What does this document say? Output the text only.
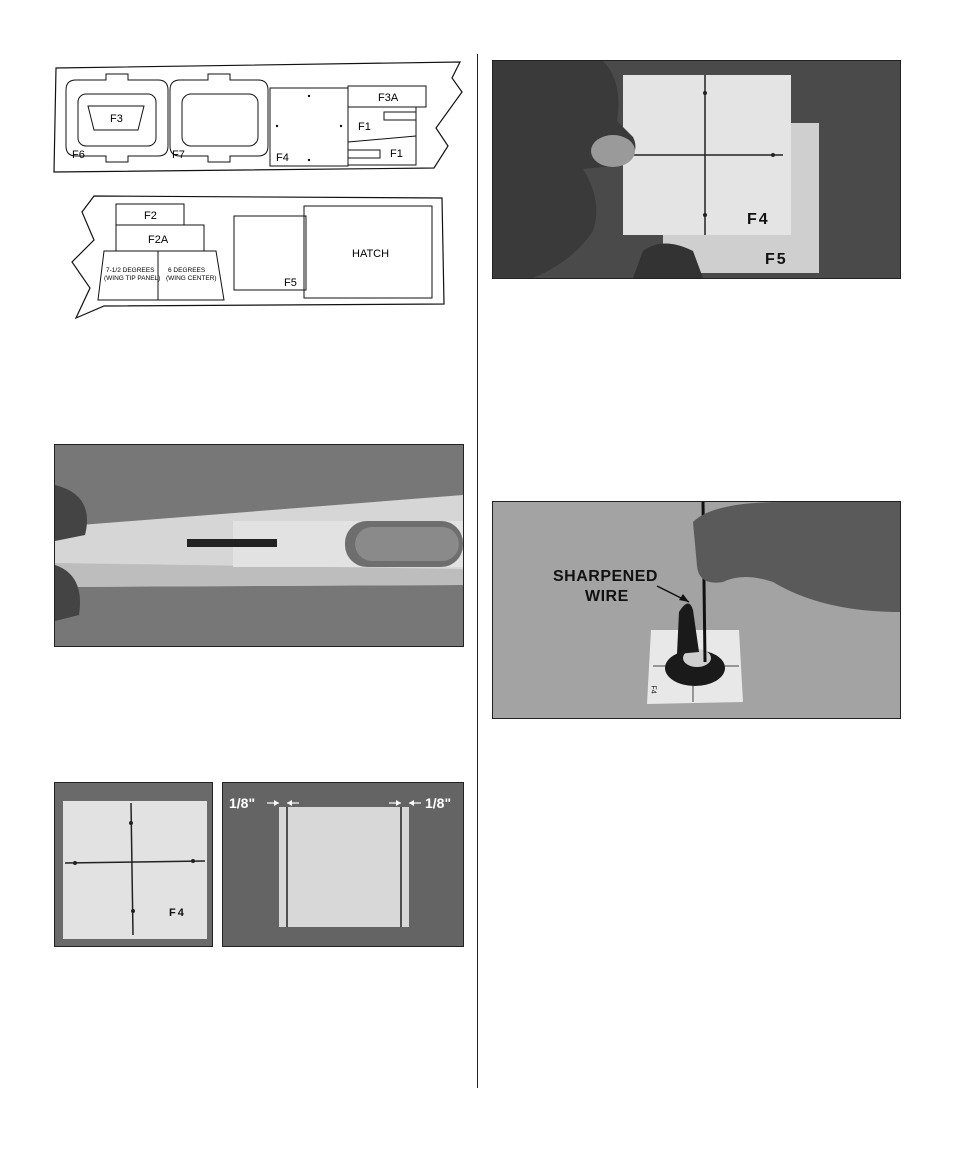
F3
F6	F7	F4
F3A
F1
F1
F2
F2A
7-1/2 DEGREES
(WING TIP PANEL)
6 DEGREES
(WING CENTER)	F5
HATCH
F4
F5
SHARPENED
WIRE
F4
F4
1/8"	1/8"
